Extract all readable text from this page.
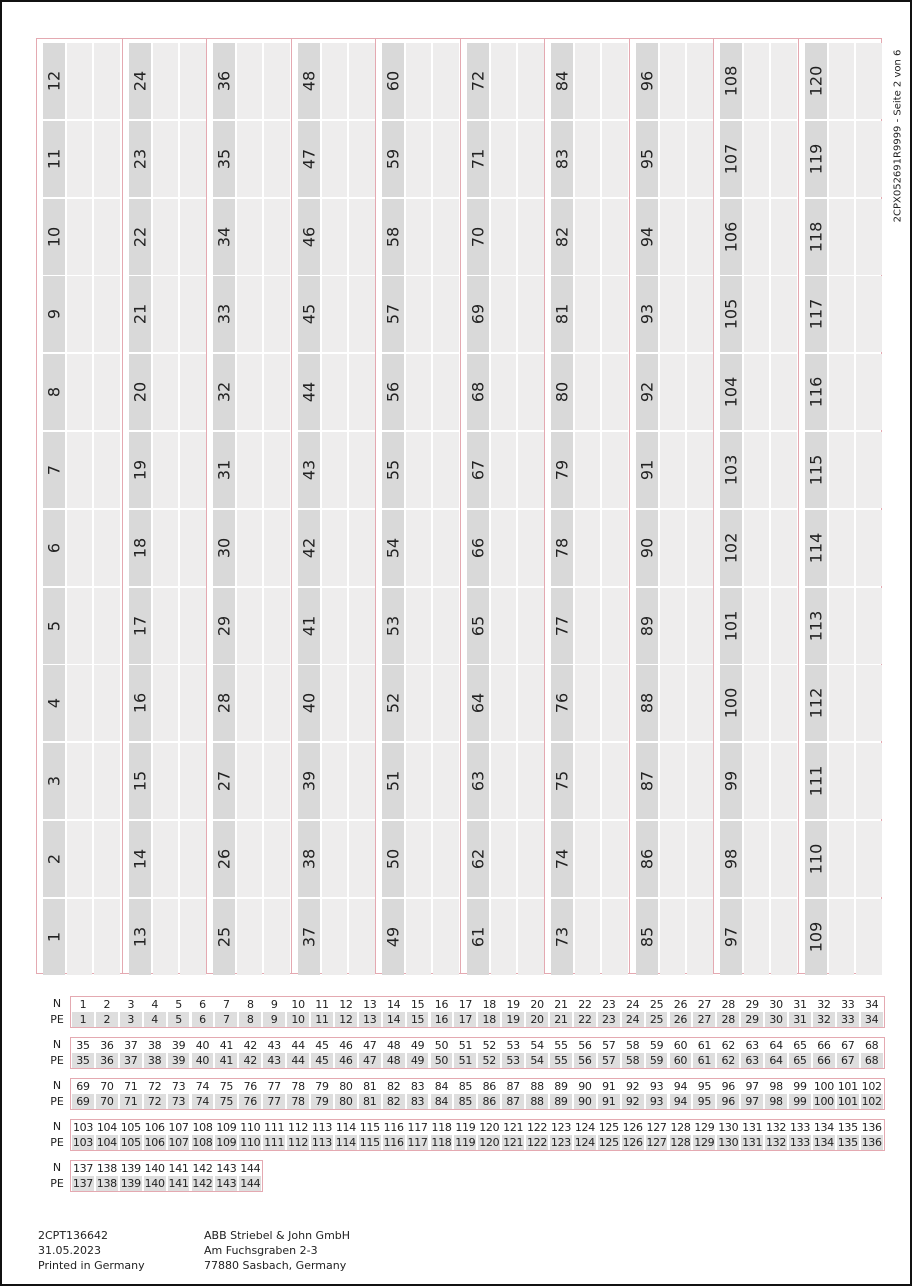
1
2
3
4
5
6
7
8
9
10
11
12
13
14
15
16
17
18
19
20
21
22
23
24
25
26
27
28
29
30
31
32
33
34
35
36
37
38
39
40
41
42
43
44
45
46
47
48
49
50
51
52
53
54
55
56
57
58
59
60
61
62
63
64
65
66
67
68
69
70
71
72
73
74
75
76
77
78
79
80
81
82
83
84
85
86
87
88
89
90
91
92
93
94
95
96
97
98
99
100
101
102
103
104
105
106
107
108
109
110
111
112
113
114
115
116
117
118
119
120	2CPX052691R9999 - Seite 2 von 6
N
PE
1
1
2
2
3
3
4
4
5
5
6
6
7
7
8
8
9
9
10
10
11
11
12
12
13
13
14
14
15
15
16
16
17
17
18
18
19
19
20
20
21
21
22
22
23
23
24
24
25
25
26
26
27
27
28
28
29
29
30
30
31
31
32
32
33
33
34
34
N
PE
35
35
36
36
37
37
38
38
39
39
40
40
41
41
42
42
43
43
44
44
45
45
46
46
47
47
48
48
49
49
50
50
51
51
52
52
53
53
54
54
55
55
56
56
57
57
58
58
59
59
60
60
61
61
62
62
63
63
64
64
65
65
66
66
67
67
68
68
N
PE
69
69
70
70
71
71
72
72
73
73
74
74
75
75
76
76
77
77
78
78
79
79
80
80
81
81
82
82
83
83
84
84
85
85
86
86
87
87
88
88
89
89
90
90
91
91
92
92
93
93
94
94
95
95
96
96
97
97
98
98
99
99
100
100
101
101
102
102
N
PE
103
103
104
104
105
105
106
106
107
107
108
108
109
109
110
110
111
111
112
112
113
113
114
114
115
115
116
116
117
117
118
118
119
119
120
120
121
121
122
122
123
123
124
124
125
125
126
126
127
127
128
128
129
129
130
130
131
131
132
132
133
133
134
134
135
135
136
136
N
PE
137
137
138
138
139
139
140
140
141
141
142
142
143
143
144
144
2CPT136642
31.05.2023
Printed in Germany
ABB Striebel & John GmbH
Am Fuchsgraben 2-3
77880 Sasbach, Germany
